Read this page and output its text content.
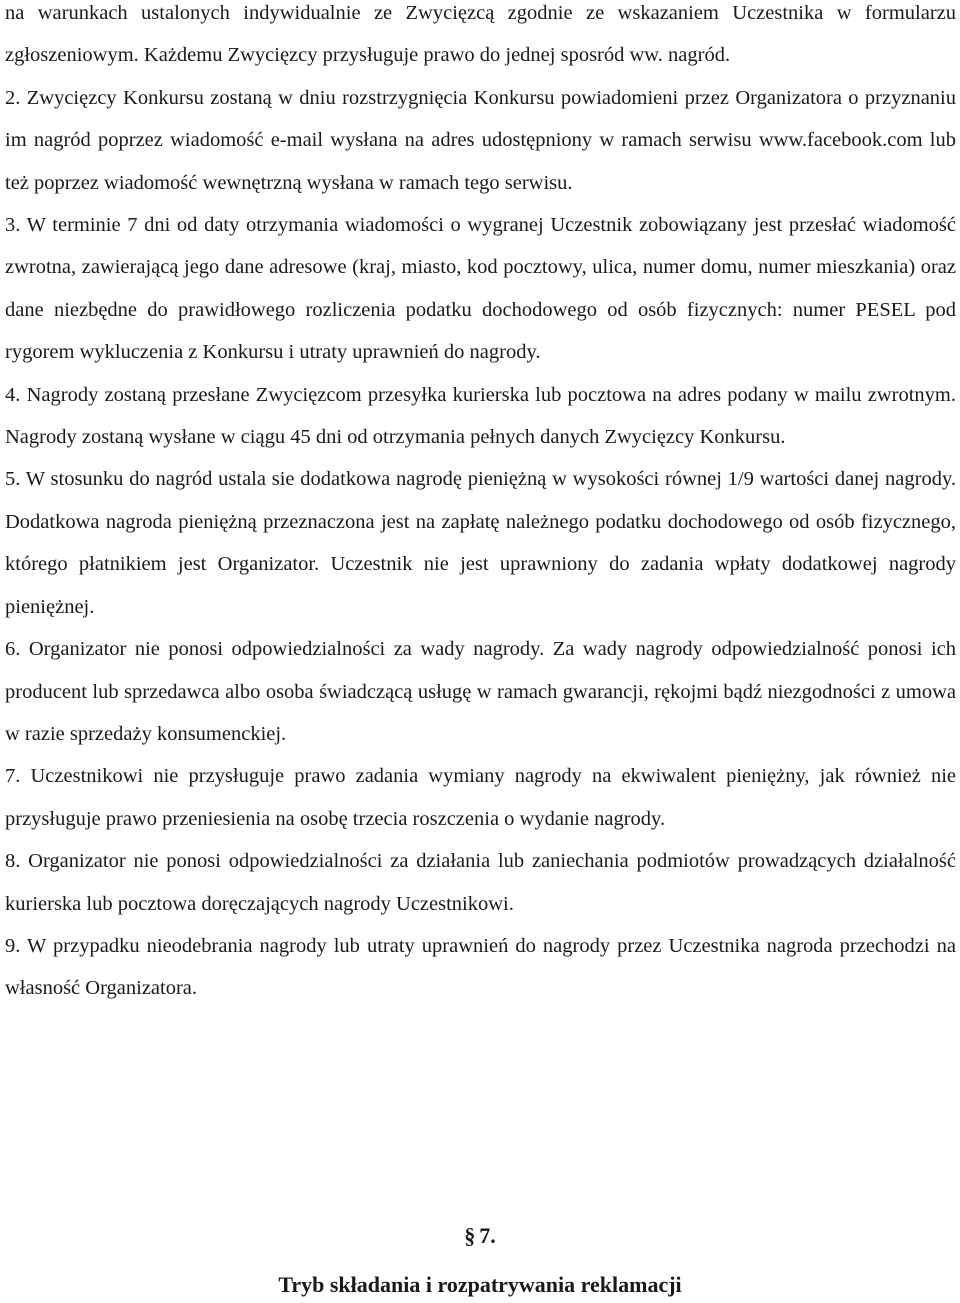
na warunkach ustalonych indywidualnie ze Zwycięzcą zgodnie ze wskazaniem Uczestnika w formularzu zgłoszeniowym. Każdemu Zwycięzcy przysługuje prawo do jednej sposród ww. nagród.

2. Zwycięzcy Konkursu zostaną w dniu rozstrzygnięcia Konkursu powiadomieni przez Organizatora o przyznaniu im nagród poprzez wiadomość e-mail wysłana na adres udostępniony w ramach serwisu www.facebook.com lub też poprzez wiadomość wewnętrzną wysłana w ramach tego serwisu.

3. W terminie 7 dni od daty otrzymania wiadomości o wygranej Uczestnik zobowiązany jest przesłać wiadomość zwrotna, zawierającą jego dane adresowe (kraj, miasto, kod pocztowy, ulica, numer domu, numer mieszkania) oraz dane niezbędne do prawidłowego rozliczenia podatku dochodowego od osób fizycznych: numer PESEL pod rygorem wykluczenia z Konkursu i utraty uprawnień do nagrody.

4. Nagrody zostaną przesłane Zwycięzcom przesyłka kurierska lub pocztowa na adres podany w mailu zwrotnym. Nagrody zostaną wysłane w ciągu 45 dni od otrzymania pełnych danych Zwycięzcy Konkursu.

5. W stosunku do nagród ustala sie dodatkowa nagrodę pieniężną w wysokości równej 1/9 wartości danej nagrody. Dodatkowa nagroda pieniężną przeznaczona jest na zapłatę należnego podatku dochodowego od osób fizycznego, którego płatnikiem jest Organizator. Uczestnik nie jest uprawniony do zadania wpłaty dodatkowej nagrody pieniężnej.

6. Organizator nie ponosi odpowiedzialności za wady nagrody. Za wady nagrody odpowiedzialność ponosi ich producent lub sprzedawca albo osoba świadczącą usługę w ramach gwarancji, rękojmi bądź niezgodności z umowa w razie sprzedaży konsumenckiej.

7. Uczestnikowi nie przysługuje prawo zadania wymiany nagrody na ekwiwalent pieniężny, jak również nie przysługuje prawo przeniesienia na osobę trzecia roszczenia o wydanie nagrody.

8. Organizator nie ponosi odpowiedzialności za działania lub zaniechania podmiotów prowadzących działalność kurierska lub pocztowa doręczających nagrody Uczestnikowi.

9. W przypadku nieodebrania nagrody lub utraty uprawnień do nagrody przez Uczestnika nagroda przechodzi na własność Organizatora.

§ 7.
Tryb składania i rozpatrywania reklamacji
